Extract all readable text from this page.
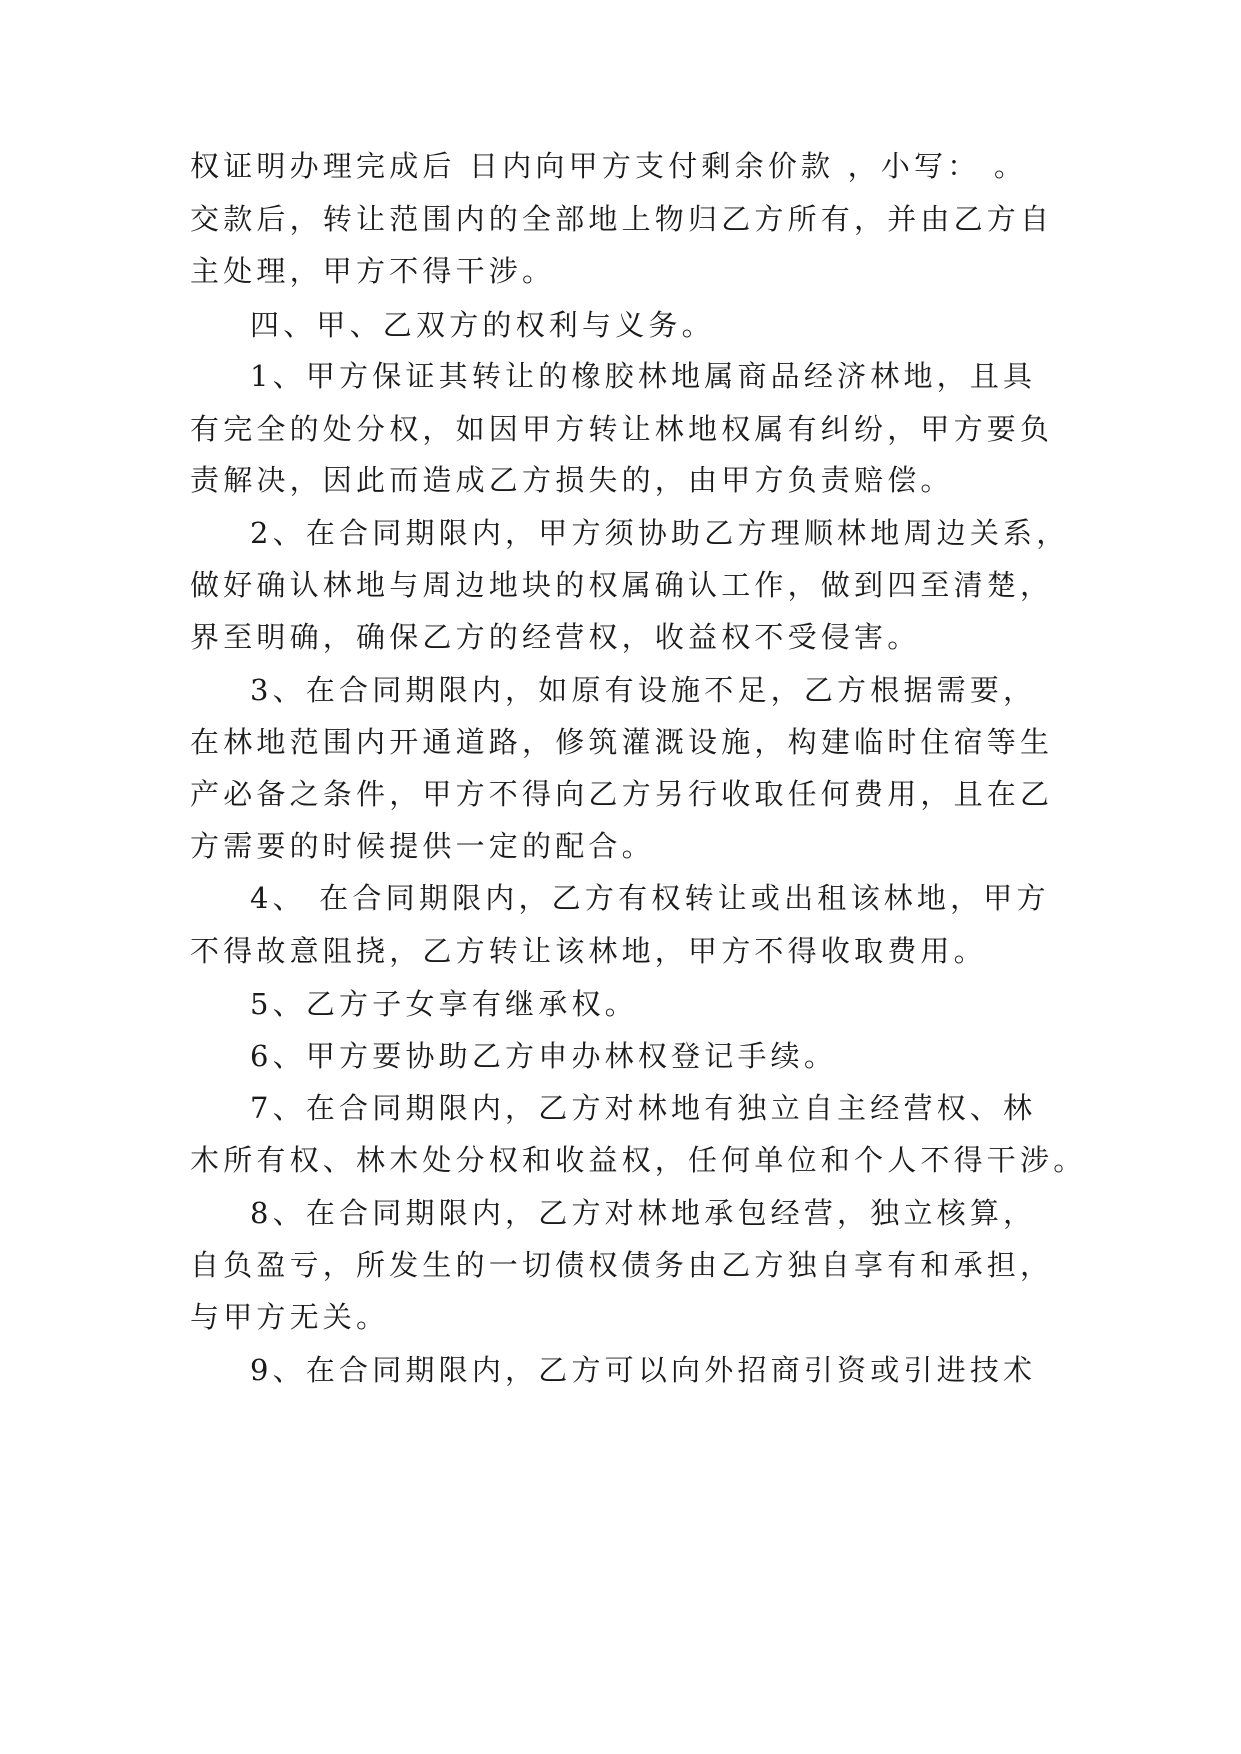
权证明办理完成后 日内向甲方支付剩余价款 ，小写： 。
交款后，转让范围内的全部地上物归乙方所有，并由乙方自
主处理，甲方不得干涉。
四、甲、乙双方的权利与义务。
1、甲方保证其转让的橡胶林地属商品经济林地，且具
有完全的处分权，如因甲方转让林地权属有纠纷，甲方要负
责解决，因此而造成乙方损失的，由甲方负责赔偿。
2、在合同期限内，甲方须协助乙方理顺林地周边关系，
做好确认林地与周边地块的权属确认工作，做到四至清楚，
界至明确，确保乙方的经营权，收益权不受侵害。
3、在合同期限内，如原有设施不足，乙方根据需要，
在林地范围内开通道路，修筑灌溉设施，构建临时住宿等生
产必备之条件，甲方不得向乙方另行收取任何费用，且在乙
方需要的时候提供一定的配合。
4、 在合同期限内，乙方有权转让或出租该林地，甲方
不得故意阻挠，乙方转让该林地，甲方不得收取费用。
5、乙方子女享有继承权。
6、甲方要协助乙方申办林权登记手续。
7、在合同期限内，乙方对林地有独立自主经营权、林
木所有权、林木处分权和收益权，任何单位和个人不得干涉。
8、在合同期限内，乙方对林地承包经营，独立核算，
自负盈亏，所发生的一切债权债务由乙方独自享有和承担，
与甲方无关。
9、在合同期限内，乙方可以向外招商引资或引进技术
